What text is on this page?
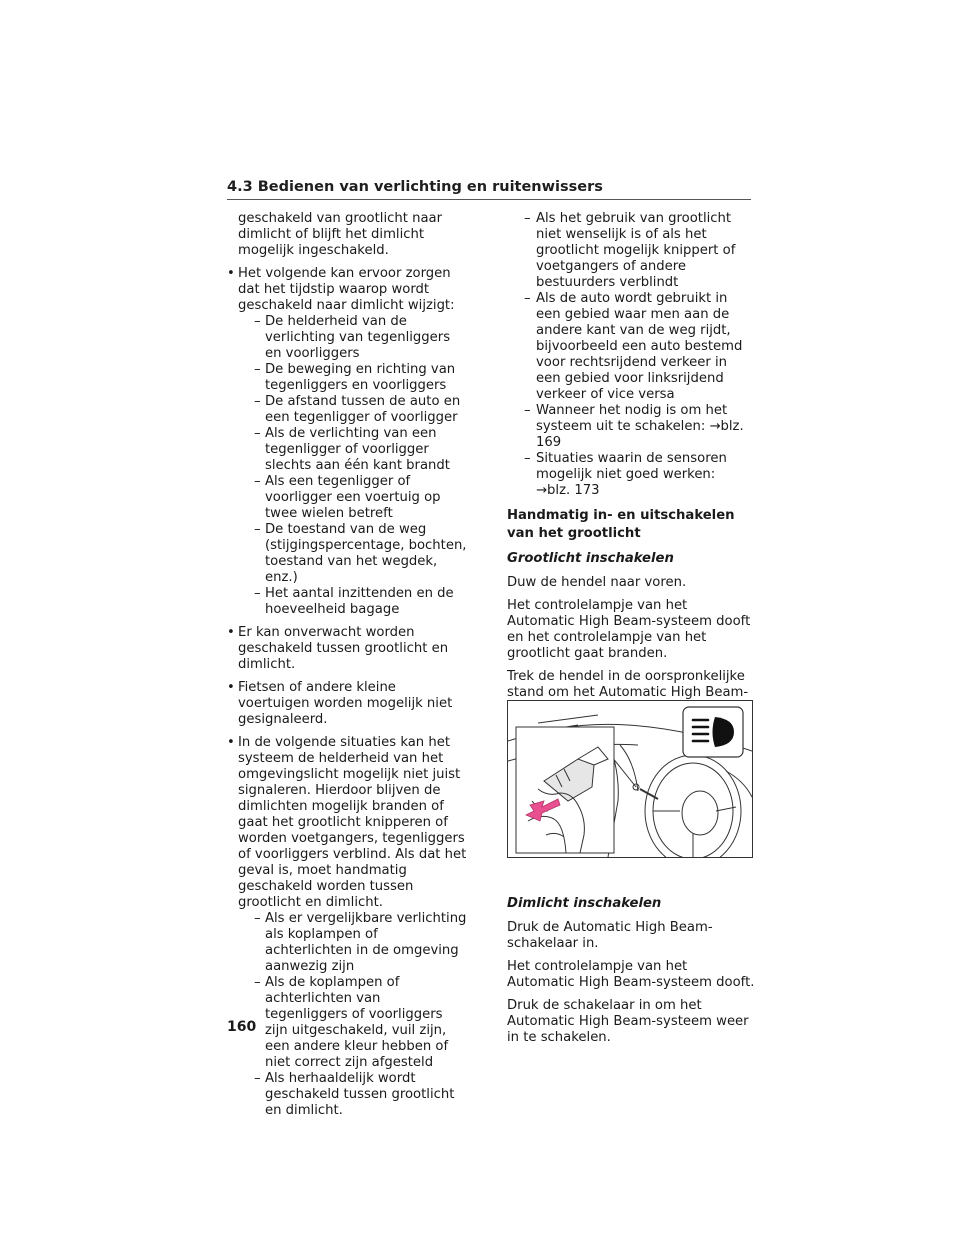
4.3 Bedienen van verlichting en ruitenwissers

geschakeld van grootlicht naar dimlicht of blijft het dimlicht mogelijk ingeschakeld.

• Het volgende kan ervoor zorgen dat het tijdstip waarop wordt geschakeld naar dimlicht wijzigt:
– De helderheid van de verlichting van tegenliggers en voorliggers
– De beweging en richting van tegenliggers en voorliggers
– De afstand tussen de auto en een tegenligger of voorligger
– Als de verlichting van een tegenligger of voorligger slechts aan één kant brandt
– Als een tegenligger of voorligger een voertuig op twee wielen betreft
– De toestand van de weg (stijgingspercentage, bochten, toestand van het wegdek, enz.)
– Het aantal inzittenden en de hoeveelheid bagage
• Er kan onverwacht worden geschakeld tussen grootlicht en dimlicht.
• Fietsen of andere kleine voertuigen worden mogelijk niet gesignaleerd.
• In de volgende situaties kan het systeem de helderheid van het omgevingslicht mogelijk niet juist signaleren. Hierdoor blijven de dimlichten mogelijk branden of gaat het grootlicht knipperen of worden voetgangers, tegenliggers of voorliggers verblind. Als dat het geval is, moet handmatig geschakeld worden tussen grootlicht en dimlicht.
– Als er vergelijkbare verlichting als koplampen of achterlichten in de omgeving aanwezig zijn
– Als de koplampen of achterlichten van tegenliggers of voorliggers zijn uitgeschakeld, vuil zijn, een andere kleur hebben of niet correct zijn afgesteld
– Als herhaaldelijk wordt geschakeld tussen grootlicht en dimlicht.
– Als het gebruik van grootlicht niet wenselijk is of als het grootlicht mogelijk knippert of voetgangers of andere bestuurders verblindt
– Als de auto wordt gebruikt in een gebied waar men aan de andere kant van de weg rijdt, bijvoorbeeld een auto bestemd voor rechtsrijdend verkeer in een gebied voor linksrijdend verkeer of vice versa
– Wanneer het nodig is om het systeem uit te schakelen: →blz. 169
– Situaties waarin de sensoren mogelijk niet goed werken:
→blz. 173
Handmatig in- en uitschakelen van het grootlicht
Grootlicht inschakelen

Duw de hendel naar voren.

Het controlelampje van het Automatic High Beam-systeem dooft en het controlelampje van het grootlicht gaat branden.

Trek de hendel in de oorspronkelijke stand om het Automatic High Beam-

Dimlicht inschakelen

Druk de Automatic High Beam-schakelaar in.

Het controlelampje van het Automatic High Beam-systeem dooft.

Druk de schakelaar in om het Automatic High Beam-systeem weer in te schakelen.

160
